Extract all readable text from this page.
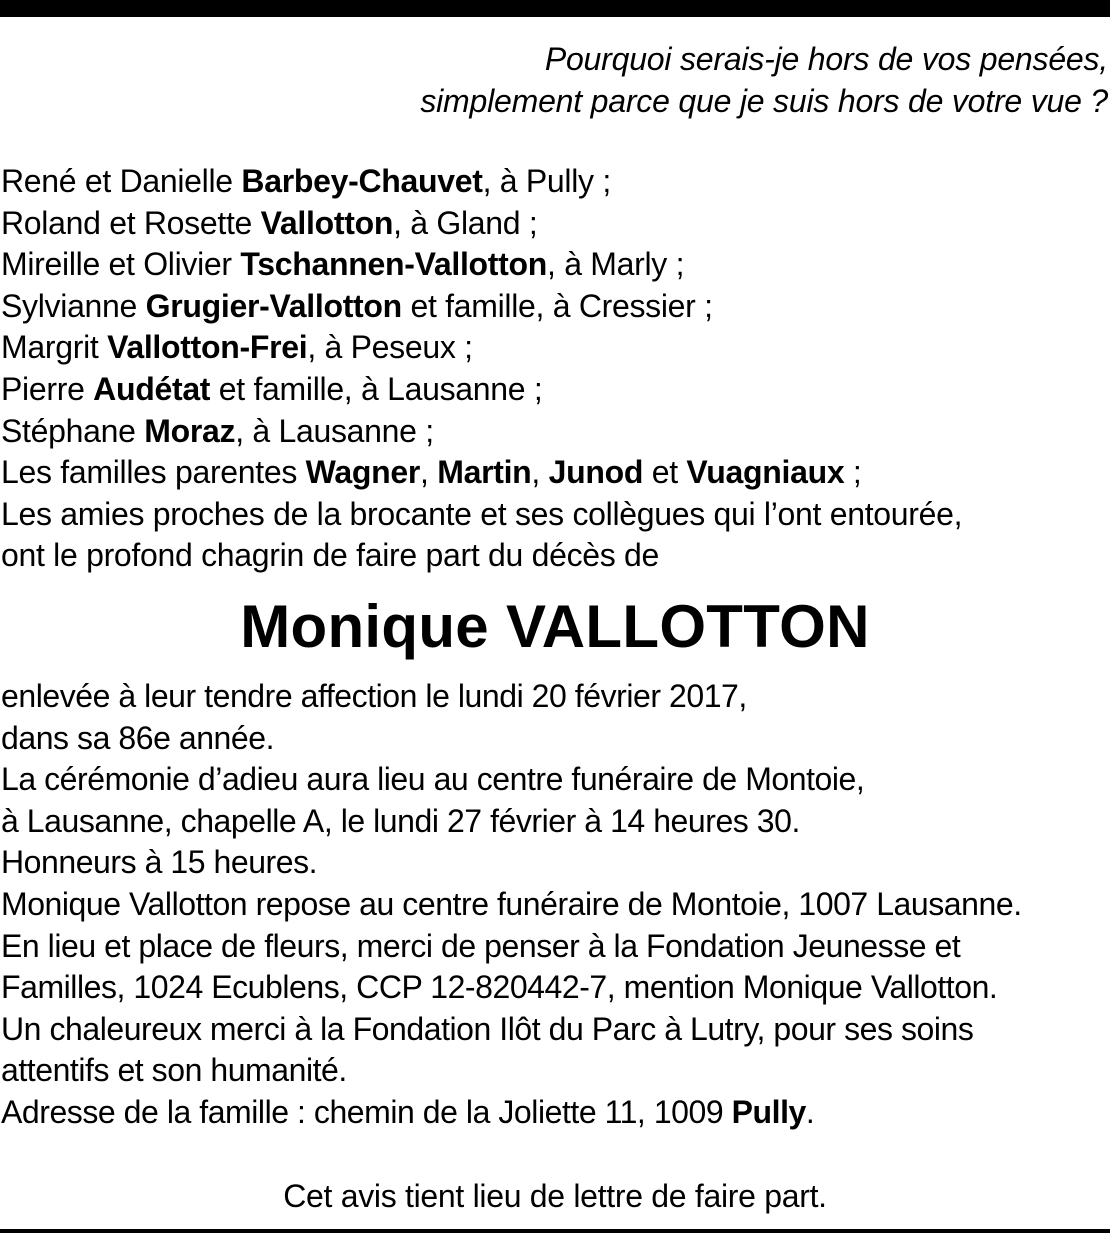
Pourquoi serais-je hors de vos pensées,
simplement parce que je suis hors de votre vue ?
René et Danielle Barbey-Chauvet, à Pully ;
Roland et Rosette Vallotton, à Gland ;
Mireille et Olivier Tschannen-Vallotton, à Marly ;
Sylvianne Grugier-Vallotton et famille, à Cressier ;
Margrit Vallotton-Frei, à Peseux ;
Pierre Audétat et famille, à Lausanne ;
Stéphane Moraz, à Lausanne ;
Les familles parentes Wagner, Martin, Junod et Vuagniaux ;
Les amies proches de la brocante et ses collègues qui l’ont entourée,
ont le profond chagrin de faire part du décès de
Monique VALLOTTON
enlevée à leur tendre affection le lundi 20 février 2017,
dans sa 86e année.
La cérémonie d’adieu aura lieu au centre funéraire de Montoie,
à Lausanne, chapelle A, le lundi 27 février à 14 heures 30.
Honneurs à 15 heures.
Monique Vallotton repose au centre funéraire de Montoie, 1007 Lausanne.
En lieu et place de fleurs, merci de penser à la Fondation Jeunesse et
Familles, 1024 Ecublens, CCP 12-820442-7, mention Monique Vallotton.
Un chaleureux merci à la Fondation Ilôt du Parc à Lutry, pour ses soins
attentifs et son humanité.
Adresse de la famille : chemin de la Joliette 11, 1009 Pully.
Cet avis tient lieu de lettre de faire part.
